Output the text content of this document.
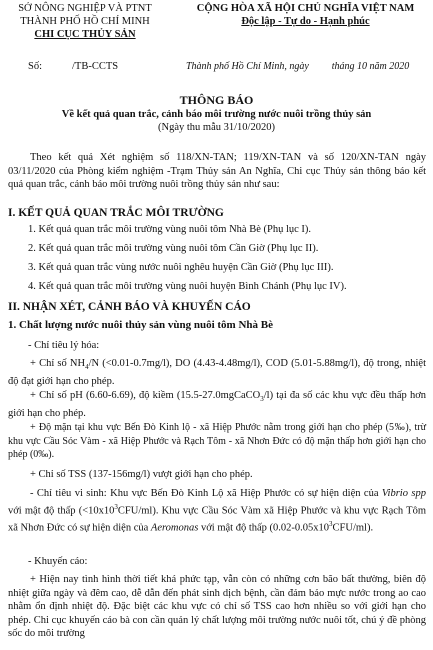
SỞ NÔNG NGHIỆP VÀ PTNT
THÀNH PHỐ HỒ CHÍ MINH
CHI CỤC THỦY SẢN
CỘNG HÒA XÃ HỘI CHỦ NGHĨA VIỆT NAM
Độc lập - Tự do - Hạnh phúc
Số:	/TB-CCTS	Thành phố Hồ Chí Minh, ngày tháng 10 năm 2020
THÔNG BÁO
Về kết quả quan trắc, cảnh báo môi trường nước nuôi trồng thủy sản
(Ngày thu mẫu 31/10/2020)
Theo kết quả Xét nghiệm số 118/XN-TAN; 119/XN-TAN và số 120/XN-TAN ngày 03/11/2020 của Phòng kiểm nghiệm -Trạm Thủy sản An Nghĩa, Chi cục Thủy sản thông báo kết quả quan trắc, cảnh báo môi trường nuôi trồng thủy sản như sau:
I. KẾT QUẢ QUAN TRẮC MÔI TRƯỜNG
1. Kết quả quan trắc môi trường vùng nuôi tôm Nhà Bè (Phụ lục I).
2. Kết quả quan trắc môi trường vùng nuôi tôm Cần Giờ (Phụ lục II).
3. Kết quả quan trắc vùng nước nuôi nghêu huyện Cần Giờ (Phụ lục III).
4. Kết quả quan trắc môi trường vùng nuôi huyện Bình Chánh (Phụ lục IV).
II. NHẬN XÉT, CẢNH BÁO VÀ KHUYẾN CÁO
1. Chất lượng nước nuôi thủy sản vùng nuôi tôm Nhà Bè
- Chỉ tiêu lý hóa:
+ Chỉ số $NH_4/N$ (<0.01-0.7mg/l), DO (4.43-4.48mg/l), COD (5.01-5.88mg/l), độ trong, nhiệt độ đạt giới hạn cho phép.
+ Chỉ số pH (6.60-6.69), độ kiềm (15.5-27.0mgCaCO$_3$/l) tại đa số các khu vực đều thấp hơn giới hạn cho phép.
+ Độ mặn tại khu vực Bến Đò Kinh lộ - xã Hiệp Phước nằm trong giới hạn cho phép (5‰), trừ khu vực Cầu Sóc Vàm - xã Hiệp Phước và Rạch Tôm - xã Nhơn Đức có độ mặn thấp hơn giới hạn cho phép (0‰).
+ Chỉ số TSS (137-156mg/l) vượt giới hạn cho phép.
- Chỉ tiêu vi sinh: Khu vực Bến Đò Kinh Lộ xã Hiệp Phước có sự hiện diện của Vibrio spp với mật độ thấp $(<10x10^3CFU/ml)$. Khu vực Cầu Sóc Vàm xã Hiệp Phước và khu vực Rạch Tôm xã Nhơn Đức có sự hiện diện của Aeromonas với mật độ thấp $(0.02-0.05x10^3CFU/ml)$.
- Khuyến cáo:
+ Hiện nay tình hình thời tiết khá phức tạp, vẫn còn có những cơn bão bất thường, biên độ nhiệt giữa ngày và đêm cao, dễ dẫn đến phát sinh dịch bệnh, cần đảm bảo mực nước trong ao cao nhằm ổn định nhiệt độ. Đặc biệt các khu vực có chỉ số TSS cao hơn nhiều so với giới hạn cho phép. Chi cục khuyến cáo bà con cần quản lý chất lượng môi trường nước nuôi tốt, chú ý đề phòng sốc do môi trường
